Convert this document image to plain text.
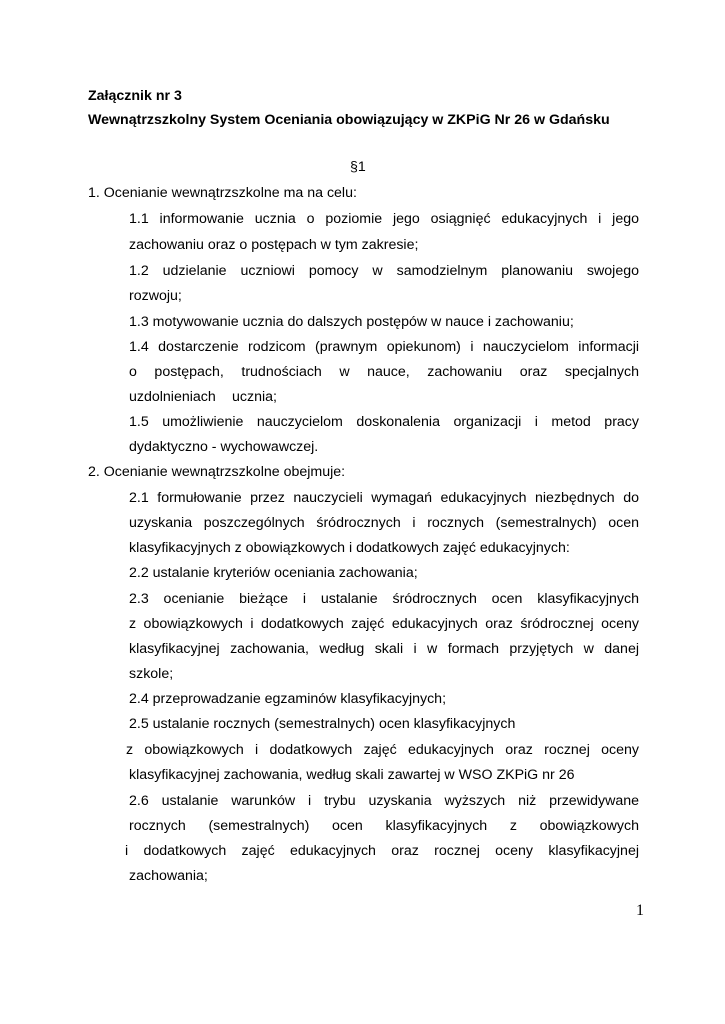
Załącznik nr 3
Wewnątrzszkolny System Oceniania obowiązujący w ZKPiG Nr 26 w Gdańsku
§1
1. Ocenianie wewnątrzszkolne ma na celu:
1.1 informowanie ucznia o poziomie jego osiągnięć edukacyjnych i jego
zachowaniu oraz o postępach w tym zakresie;
1.2 udzielanie uczniowi pomocy w samodzielnym planowaniu swojego
rozwoju;
1.3 motywowanie ucznia do dalszych postępów w nauce i zachowaniu;
1.4 dostarczenie rodzicom (prawnym opiekunom) i nauczycielom informacji
o postępach, trudnościach w nauce, zachowaniu oraz specjalnych
uzdolnieniach ucznia;
1.5 umożliwienie nauczycielom doskonalenia organizacji i metod pracy
dydaktyczno - wychowawczej.
2. Ocenianie wewnątrzszkolne obejmuje:
2.1 formułowanie przez nauczycieli wymagań edukacyjnych niezbędnych do
uzyskania poszczególnych śródrocznych i rocznych (semestralnych) ocen
klasyfikacyjnych z obowiązkowych i dodatkowych zajęć edukacyjnych:
2.2 ustalanie kryteriów oceniania zachowania;
2.3 ocenianie bieżące i ustalanie śródrocznych ocen klasyfikacyjnych
z obowiązkowych i dodatkowych zajęć edukacyjnych oraz śródrocznej oceny
klasyfikacyjnej zachowania, według skali i w formach przyjętych w danej
szkole;
2.4 przeprowadzanie egzaminów klasyfikacyjnych;
2.5 ustalanie rocznych (semestralnych) ocen klasyfikacyjnych
z obowiązkowych i dodatkowych zajęć edukacyjnych oraz rocznej oceny
klasyfikacyjnej zachowania, według skali zawartej w WSO ZKPiG nr 26
2.6 ustalanie warunków i trybu uzyskania wyższych niż przewidywane
rocznych (semestralnych) ocen klasyfikacyjnych z obowiązkowych
i dodatkowych zajęć edukacyjnych oraz rocznej oceny klasyfikacyjnej
zachowania;
1
